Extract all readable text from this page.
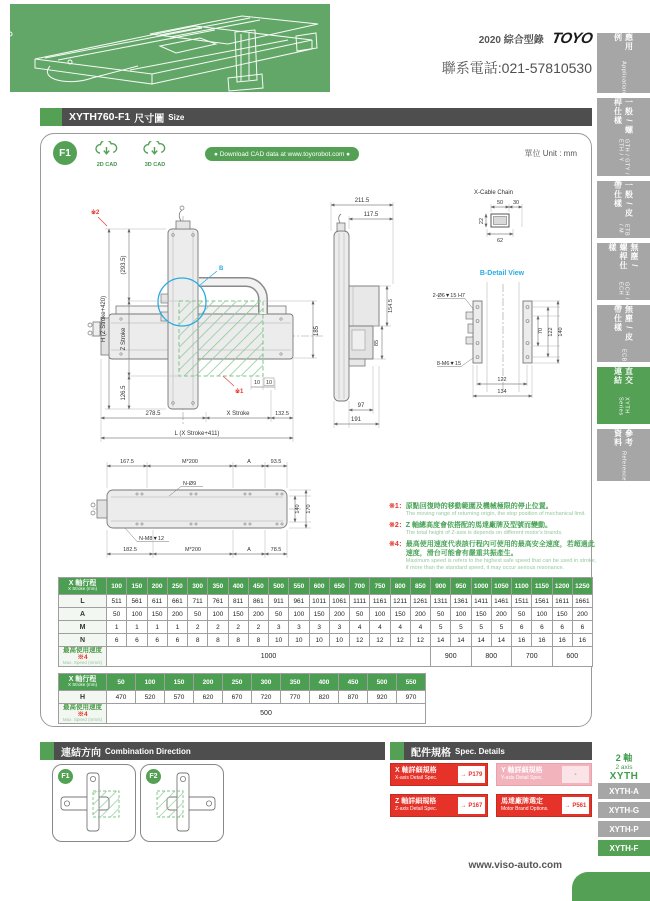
2020 綜合型錄 TOYO
聯系電話:021-57810530
應用例
Application
一般 / 螺桿仕樣
GTH / GTY / ETH / Y
一般 / 皮帶仕樣
ETB / M
無塵 / 螺桿仕樣
GCH / ECH
無塵 / 皮帶仕樣
ECB
直交連結
XYTH Series
參考資料
Reference
XYTH760-F1 尺寸圖 Size
F1
2D CAD	3D CAD
● Download CAD data at www.toyorobot.com ●	單位 Unit : mm
※1
B
H (Z Stroke+420)
(293.5)
Z Stroke
126.5
※2
185
10 10
278.5	X Stroke	132.5
L (X Stroke+411)
211.5
117.5
154.5
85
97
191
X-Cable Chain
50 30
22
62
B-Detail View
2-Ø6▼15 H7
8-M6▼15
70 122 140
122
134
167.5	M*200	A	93.5
N-Ø9
140 170
N-M8▼12
182.5	M*200	A	78.5
※1： 原點回復時的移動範圍及機械極限的停止位置。
The moving range of returning origin, the stop position of mechanical limit.
※2： Z 軸總高度會依搭配的馬達廠牌及型號而變動。
The total height of Z-axis is depends on different motor's brands.
※4： 最高使用速度代表該行程內可使用的最高安全速度，若超過此速度，滑台可能會有嚴重共振產生。
Maximum speed is refers to the highest safe speed that can be used in stroke, if more than the standard speed, it may occur serious resonance.
X 軸行程
X Stroke (mm)	100	150	200	250	300	350	400	450	500	550	600	650	700	750	800	850	900	950	1000	1050	1100	1150	1200	1250
L	511	561	611	661	711	761	811	861	911	961	1011	1061	1111	1161	1211	1261	1311	1361	1411	1461	1511	1561	1611	1661
A	50	100	150	200	50	100	150	200	50	100	150	200	50	100	150	200	50	100	150	200	50	100	150	200
M	1	1	1	1	2	2	2	2	3	3	3	3	4	4	4	4	5	5	5	5	6	6	6	6
N	6	6	6	6	8	8	8	8	10	10	10	10	12	12	12	12	14	14	14	14	16	16	16	16

最高使用速度 ※4
Max. Speed (mm/s)	1000																900		800		700		600	
X 軸行程
X Stroke (mm)	50	100	150	200	250	300	350	400	450	500	550
H	470	520	570	620	670	720	770	820	870	920	970

最高使用速度 ※4
Max. Speed (mm/s)	500										
連結方向 Combination Direction
F1	F2
配件規格 Spec. Details
X 軸詳細規格
X-axis Detail Spec.
→ P179
Y 軸詳細規格
Y-axis Detail Spec.
-
Z 軸詳細規格
Z-axis Detail Spec.
→ P167
馬達廠牌選定
Motor Brand Options.
→ P561
2 軸
2 axis
XYTH
XYTH-A
XYTH-G
XYTH-P
XYTH-F
www.viso-auto.com
